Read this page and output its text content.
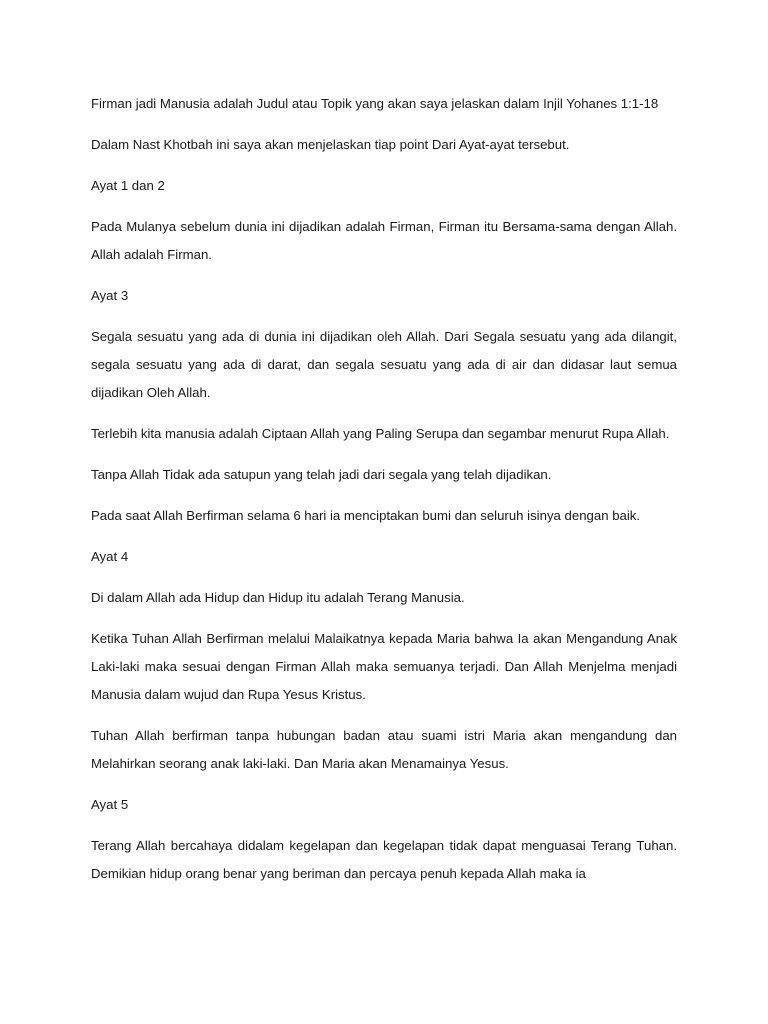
Firman jadi Manusia adalah Judul atau Topik yang akan saya jelaskan dalam Injil Yohanes 1:1-18

Dalam Nast Khotbah ini saya akan menjelaskan tiap point Dari Ayat-ayat tersebut.

Ayat 1 dan 2

Pada Mulanya sebelum dunia ini dijadikan adalah Firman, Firman itu Bersama-sama dengan Allah. Allah adalah Firman.

Ayat 3

Segala sesuatu yang ada di dunia ini dijadikan oleh Allah. Dari Segala sesuatu yang ada dilangit, segala sesuatu yang ada di darat, dan segala sesuatu yang ada di air dan didasar laut semua dijadikan Oleh Allah.

Terlebih kita manusia adalah Ciptaan Allah yang Paling Serupa dan segambar menurut Rupa Allah.

Tanpa Allah Tidak ada satupun yang telah jadi dari segala yang telah dijadikan.

Pada saat Allah Berfirman selama 6 hari ia menciptakan bumi dan seluruh isinya dengan baik.

Ayat 4

Di dalam Allah ada Hidup dan Hidup itu adalah Terang Manusia.

Ketika Tuhan Allah Berfirman melalui Malaikatnya kepada Maria bahwa Ia akan Mengandung Anak Laki-laki maka sesuai dengan Firman Allah maka semuanya terjadi. Dan Allah Menjelma menjadi Manusia dalam wujud dan Rupa Yesus Kristus.

Tuhan Allah berfirman tanpa hubungan badan atau suami istri Maria akan mengandung dan Melahirkan seorang anak laki-laki. Dan Maria akan Menamainya Yesus.

Ayat 5

Terang Allah bercahaya didalam kegelapan dan kegelapan tidak dapat menguasai Terang Tuhan. Demikian hidup orang benar yang beriman dan percaya penuh kepada Allah maka ia
